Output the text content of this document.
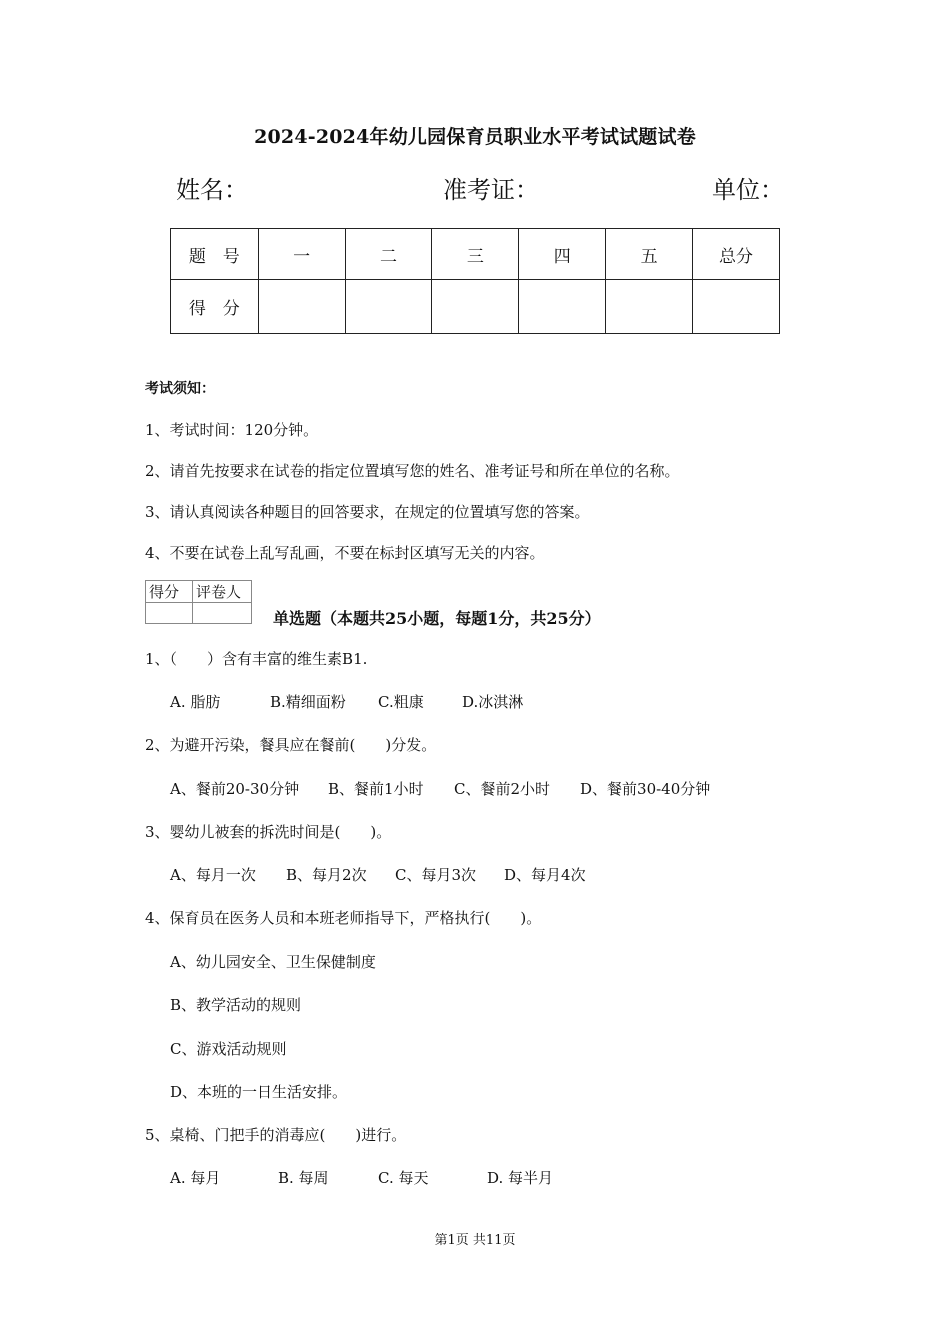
2024-2024年幼儿园保育员职业水平考试试题试卷
姓名：	准考证：	单位：
题　号	一	二	三	四	五	总分
得　分						
考试须知：
1、考试时间：120分钟。
2、请首先按要求在试卷的指定位置填写您的姓名、准考证号和所在单位的名称。
3、请认真阅读各种题目的回答要求，在规定的位置填写您的答案。
4、不要在试卷上乱写乱画，不要在标封区填写无关的内容。
得分	评卷人

单选题（本题共25小题，每题1分，共25分）
1、（　　）含有丰富的维生素B1.
A. 脂肪	B.精细面粉 C.粗康	D.冰淇淋
2、为避开污染，餐具应在餐前(　　)分发。
A、餐前20-30分钟 B、餐前1小时 C、餐前2小时 D、餐前30-40分钟
3、婴幼儿被套的拆洗时间是(　　)。
A、每月一次 B、每月2次 C、每月3次 D、每月4次
4、保育员在医务人员和本班老师指导下，严格执行(　　)。
A、幼儿园安全、卫生保健制度
B、教学活动的规则
C、游戏活动规则
D、本班的一日生活安排。
5、桌椅、门把手的消毒应(　　)进行。
A. 每月	B. 每周	C. 每天	D. 每半月
第1页 共11页
